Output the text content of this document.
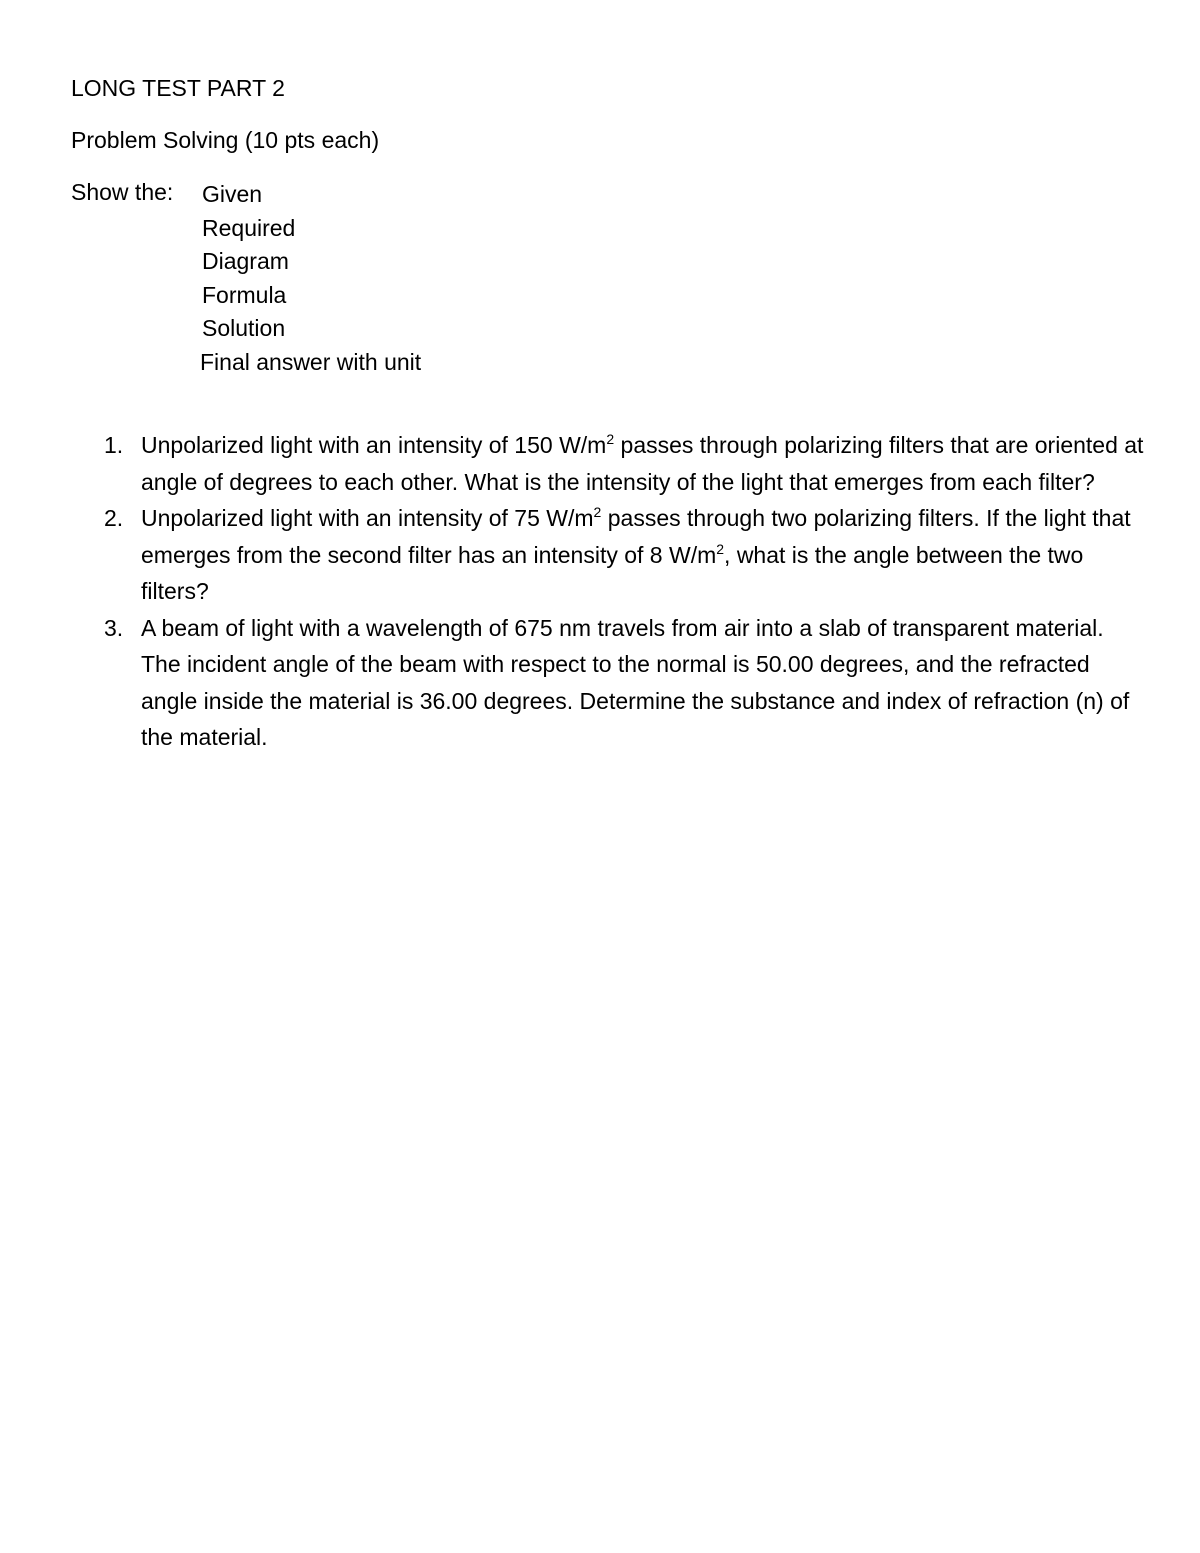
LONG TEST PART 2
Problem Solving (10 pts each)
Show the: Given
Required
Diagram
Formula
Solution
Final answer with unit
1. Unpolarized light with an intensity of 150 $W/m^2$ passes through polarizing filters that are oriented at angle of degrees to each other. What is the intensity of the light that emerges from each filter?
2. Unpolarized light with an intensity of 75 $W/m^2$ passes through two polarizing filters. If the light that emerges from the second filter has an intensity of 8 $W/m^2$, what is the angle between the two filters?
3. A beam of light with a wavelength of 675 nm travels from air into a slab of transparent material. The incident angle of the beam with respect to the normal is 50.00 degrees, and the refracted angle inside the material is 36.00 degrees. Determine the substance and index of refraction (n) of the material.
